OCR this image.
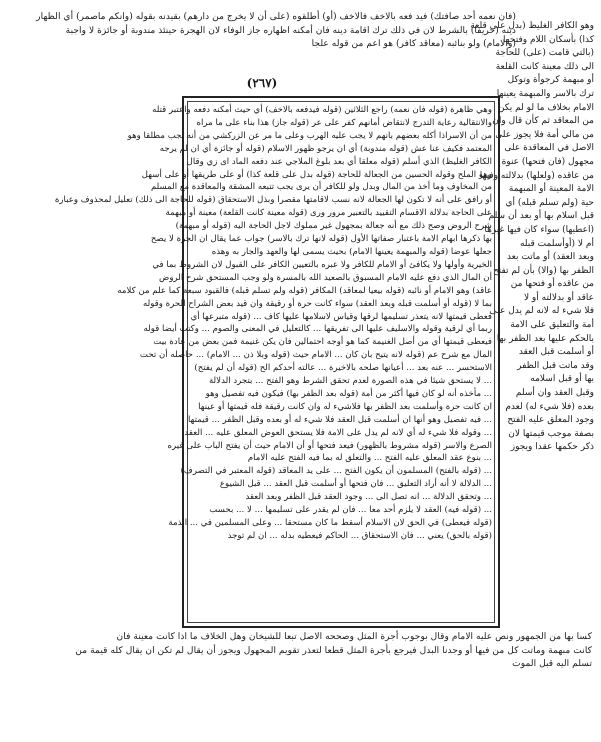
(فان نعمه أحد صافتك) فيد فعه بالاخف فالاخف (أو) أطلقوه (على أن لا يخرج من دارهم) بقيدنه بقوله (وانكم ماصمر) أي الظهار
دينه (حريفا) بالشرط لان في ذلك ترك اقامة دينه فان أمكنه اظهاره جاز الوفاء لان الهجرة حينئذ مندوبة أو جائزة لا واجبة
(والامام) ولو بنائبه (معاقد كافر) هو اعم من قوله علجا
(٢٦٧)
وهو الكافر الغليظ (بدل على قلعة
كذا) بأسكان اللام وفتحها
(بالتي قامت (على) للحاجة
الى ذلك معينة كانت القلعة
أو مبهمة كرجوأة وتوكل
ترك بالاسر والمبهمة يعينها
الامام بخلاف ما لو لم يكن
من المعاقد ثم كأن قال وان
من مالي أمة فلا يجوز على
الاصل في المعاقدة على
مجهول (فان فتحها) عنوة
من عاقده (ولعلها) بدلالته وفيها
الامة المعينة أو المبهمة
حية (ولم تسلم قبله) أي
قبل اسلام بها أو بعد أن سلم
(اعطيها) سواء كان فيها غيرها
أم لا (أوأسلمت قبله
وبعد العقد) أو ماتت بعد
الظفر بها (والا) بأن لم تفتح
من عاقده أو فتحها من
عاقد أو بدلالته أو لا
فلا شيء له لانه لم يدل على
أمة والتعليق على الامة
بالحكم عليها بعد الظفر بها
أو أسلمت قبل العقد
وقد ماتت قبل الظفر
بها أو قبل اسلامه
وقبل العقد وان أسلم
بعده (فلا شيء له) لعدم
وجود المعلق عليه الفتح
بصفة موجب قيمتها لان
ذكر حكمها عقدا ويجوز
وهي ظاهرة (قوله فان نعمه) راجع الثلاثين (قوله فيدفعه بالاخف) أي حيث أمكنه دفعه واعتبر قتله
والانتقالية رعاية التدرج لانتقاض أمانهم كفر على عر (قوله جاز) هذا بناء على ما مراه
من أن الاسراذا أكله بعضهم بانهم لا يجب عليه الهرب وعلى ما مر عن الزركشي من أنه يجب مطلقا وهو
المعتمد فكيف عنا عش (قوله مندوبة) أي ان يرجو ظهور الاسلام (قوله أو جائزة أي ان لم يرجه
الكافر الغليظ) الذي أسلم (قوله معلقا أي بعد بلوغ الملاجي عند دفعه الماد اى زي وقال
وهو الملح وقوله الحسين من الجعالة للحاجة (قوله بدل على قلعة كذا) أو على طريقها أو على أسهل
من المخاوف وما أخذ من المال وبدل ولو للكافر أن يرى يجب تتبعه المشقة والمعاقدة مع المسلم
أو رافق على أنه لا تكون لها الجعالة لانه نسب لاقامتها مقصرا وبذل الاستحقاق (قوله للحاجة الى ذلك) تعليل لمحذوف وعبارة
على الحاجة بدلالة الاقسام التقييد بالتعبير مرور ورى (قوله معينة كانت القلعة) معينة أو مبهمة
شرح الروض وصح ذلك مع أنه جعالة بمجهول غير مملوك لاجل الحاجة اليه (قوله أو مبهمة)
بها ذكرها ابهام الامة باعتبار صفاتها الأول (قوله لانها ترك بالاسر) جواب عما يقال ان الجرة لا يصح
جعلها عوضا (قوله والمبهمة يعينها الامام) بحيث يسمى لها والعهد والجار به وهذه
الخيرية وأولها ولا يكافئ أو الامام للكافر ولا عبره بالتعيين الكافر على القبول لان الشروط بما في
أن المال الذي دفع عليه الامام المسبوق بالصعيد الله بالمسرة ولو وجب المستحق شرح الروض
عاقد) وهو الامام أو نائبه (قوله بيعيا لمعاقد) المكافر (قوله ولم تسلم قبله) فالقيود سبعة كما علم من كلامه
بما لا (قوله أو أسلمت قبله وبعد العقد) سواء كانت حرة أو رقيقة وان قيد بعض الشراح الحرة وقوله
فعطى قيمتها لانه يتعذر تسليمها لرقها وقياس لاسلامها عليها كاف ... (قوله متبرعها أي
ربما أي لرقية وقوله والاسليف عليها الى تفريقها ... كالتعليل في المعنى والصوم ... وكتب أيضا قوله
فيعطى قيمتها أي من أصل الغنيمة كما هو أوجه احتمالين فان يكن غنيمة فمن بعض من عادة بيت
المال مع شرح عم (قوله لانه يتيح بان كان ... الامام حيث (قوله وبلا ذن ... الامام) ... حاصله أن تحت
الاستحسر ... عنه بعد ... أعيانها صلحه بالاخيرة ... عالته أحدكم الح (قوله أن لم يفتح)
... لا يستحق شيئا في هذه الصورة لعدم تحقق الشرط وهو الفتح ... بتجرد الدلالة
... مأخذه أنه لو كان فيها أكثر من أمة (قوله بعد الظفر بها) فيكون فيه تفصيل وهو
ان كانت حرة وأسلمت بعد الظفر بها فلاشيء له وان كانت رقيقة فله قيمتها أو عينها
... فيه تفصيل وهو أنها ان أسلمت قبل العقد فلا شيء له أو بعده وقبل الظفر ... قيمتها
... وقوله فلا شيء له أي لانه لم يدل على الامة فلا يستحق العوض المعلق عليه ... العقد
الصرع والاسر (قوله مشروط بالظهور) فيعد فتحها أو أن الامام حيث أن يفتح الباب على غيره
... بنوع عقد المعلق عليه الفتح ... والتعلق له بما فيه الفتح عليه الامام
... (قوله بالفتح) المسلمون أن يكون الفتح ... على يد المعاقد (قوله المعتبر في التصرف)
... الدلالة لا أنه أراد التعليق ... فان فتحها أو أسلمت قبل العقد ... قبل الشيوع
... وتحقق الدلالة ... انه تصل الى ... وجود العقد قبل الظفر وبعد العقد
... (قوله فيه) العقد لا يلزم أحد معا ... فان لم يقدر على تسليمها ... لا ... بحسب
(قوله فيعطى) في الحق لان الاسلام أسقط ما كان مستحقا ... وعلى المسلمين في ... الذمة
(قوله بالحق) يعني ... فان الاستحقاق ... الحاكم فيعطيه بدله ... ان لم توجد
كسا بها من الجمهور ونص عليه الامام وقال بوجوب أجرة المثل وصححه الاصل تبعا للشيخان وهل الخلاف ما اذا كانت معينة فان
كانت مبهمة وماتت كل من فيها أو وجدنا البدل فيرجع بأجرة المثل قطعا لتعذر تقويم المجهول ويجوز أن يقال لم تكن ان يقال كله قيمة من
تسلم اليه قبل الموت
